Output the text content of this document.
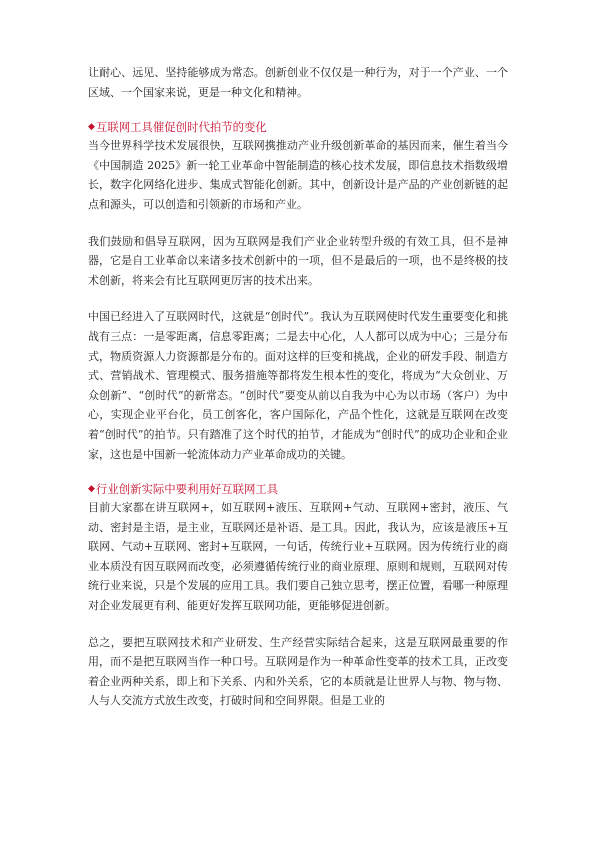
让耐心、远见、坚持能够成为常态。创新创业不仅仅是一种行为，对于一个产业、一个区域、一个国家来说，更是一种文化和精神。

◆ 互联网工具催促创时代拍节的变化

当今世界科学技术发展很快，互联网携推动产业升级创新革命的基因而来，催生着当今《中国制造 2025》新一轮工业革命中智能制造的核心技术发展，即信息技术指数级增长，数字化网络化进步、集成式智能化创新。其中，创新设计是产品的产业创新链的起点和源头，可以创造和引领新的市场和产业。

我们鼓励和倡导互联网，因为互联网是我们产业企业转型升级的有效工具，但不是神器，它是自工业革命以来诸多技术创新中的一项，但不是最后的一项，也不是终极的技术创新，将来会有比互联网更厉害的技术出来。

中国已经进入了互联网时代，这就是“创时代”。我认为互联网使时代发生重要变化和挑战有三点：一是零距离，信息零距离；二是去中心化，人人都可以成为中心；三是分布式，物质资源人力资源都是分布的。面对这样的巨变和挑战，企业的研发手段、制造方式、营销战术、管理模式、服务措施等都将发生根本性的变化，将成为“大众创业、万众创新”、“创时代”的新常态。“创时代”要变从前以自我为中心为以市场（客户）为中心，实现企业平台化，员工创客化，客户国际化，产品个性化，这就是互联网在改变着“创时代”的拍节。只有踏准了这个时代的拍节，才能成为“创时代”的成功企业和企业家，这也是中国新一轮流体动力产业革命成功的关键。

◆ 行业创新实际中要利用好互联网工具

目前大家都在讲互联网+，如互联网+液压、互联网+气动、互联网+密封，液压、气动、密封是主语，是主业，互联网还是补语、是工具。因此，我认为，应该是液压+互联网、气动+互联网、密封+互联网，一句话，传统行业+互联网。因为传统行业的商业本质没有因互联网而改变，必须遵循传统行业的商业原理、原则和规则，互联网对传统行业来说，只是个发展的应用工具。我们要自己独立思考，摆正位置，看哪一种原理对企业发展更有利、能更好发挥互联网功能，更能够促进创新。

总之，要把互联网技术和产业研发、生产经营实际结合起来，这是互联网最重要的作用，而不是把互联网当作一种口号。互联网是作为一种革命性变革的技术工具，正改变着企业两种关系，即上和下关系、内和外关系，它的本质就是让世界人与物、物与物、人与人交流方式放生改变，打破时间和空间界限。但是工业的
